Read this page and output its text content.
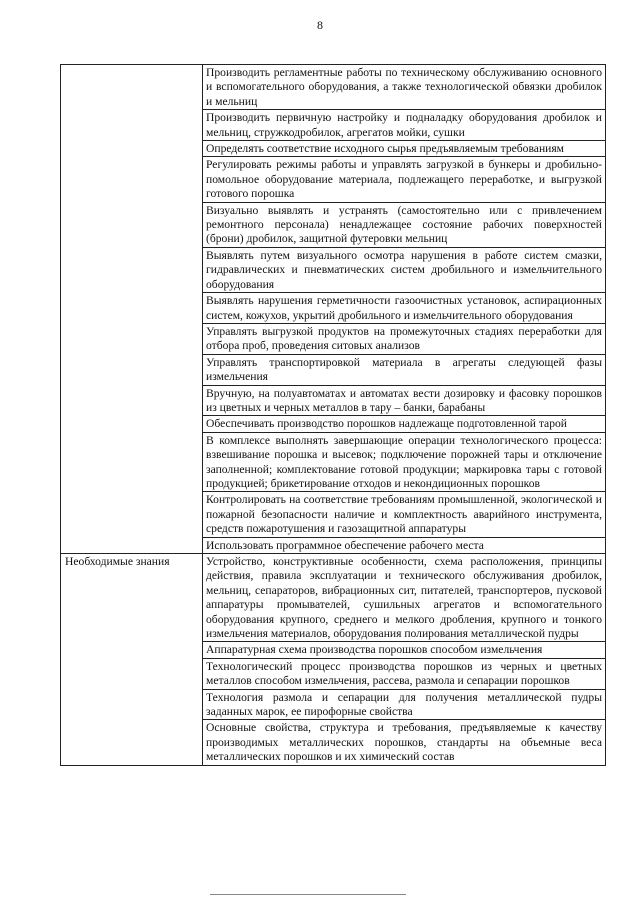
8
	Производить регламентные работы по техническому обслуживанию основного и вспомогательного оборудования, а также технологической обвязки дробилок и мельниц
	Производить первичную настройку и подналадку оборудования дробилок и мельниц, стружкодробилок, агрегатов мойки, сушки
	Определять соответствие исходного сырья предъявляемым требованиям
	Регулировать режимы работы и управлять загрузкой в бункеры и дробильно-помольное оборудование материала, подлежащего переработке, и выгрузкой готового порошка
	Визуально выявлять и устранять (самостоятельно или с привлечением ремонтного персонала) ненадлежащее состояние рабочих поверхностей (брони) дробилок, защитной футеровки мельниц
	Выявлять путем визуального осмотра нарушения в работе систем смазки, гидравлических и пневматических систем дробильного и измельчительного оборудования
	Выявлять нарушения герметичности газоочистных установок, аспирационных систем, кожухов, укрытий дробильного и измельчительного оборудования
	Управлять выгрузкой продуктов на промежуточных стадиях переработки для отбора проб, проведения ситовых анализов
	Управлять транспортировкой материала в агрегаты следующей фазы измельчения
	Вручную, на полуавтоматах и автоматах вести дозировку и фасовку порошков из цветных и черных металлов в тару – банки, барабаны
	Обеспечивать производство порошков надлежаще подготовленной тарой
	В комплексе выполнять завершающие операции технологического процесса: взвешивание порошка и высевок; подключение порожней тары и отключение заполненной; комплектование готовой продукции; маркировка тары с готовой продукцией; брикетирование отходов и некондиционных порошков
	Контролировать на соответствие требованиям промышленной, экологической и пожарной безопасности наличие и комплектность аварийного инструмента, средств пожаротушения и газозащитной аппаратуры
	Использовать программное обеспечение рабочего места
Необходимые знания	Устройство, конструктивные особенности, схема расположения, принципы действия, правила эксплуатации и технического обслуживания дробилок, мельниц, сепараторов, вибрационных сит, питателей, транспортеров, пусковой аппаратуры промывателей, сушильных агрегатов и вспомогательного оборудования крупного, среднего и мелкого дробления, крупного и тонкого измельчения материалов, оборудования полирования металлической пудры
	Аппаратурная схема производства порошков способом измельчения
	Технологический процесс производства порошков из черных и цветных металлов способом измельчения, рассева, размола и сепарации порошков
	Технология размола и сепарации для получения металлической пудры заданных марок, ее пирофорные свойства
	Основные свойства, структура и требования, предъявляемые к качеству производимых металлических порошков, стандарты на объемные веса металлических порошков и их химический состав
